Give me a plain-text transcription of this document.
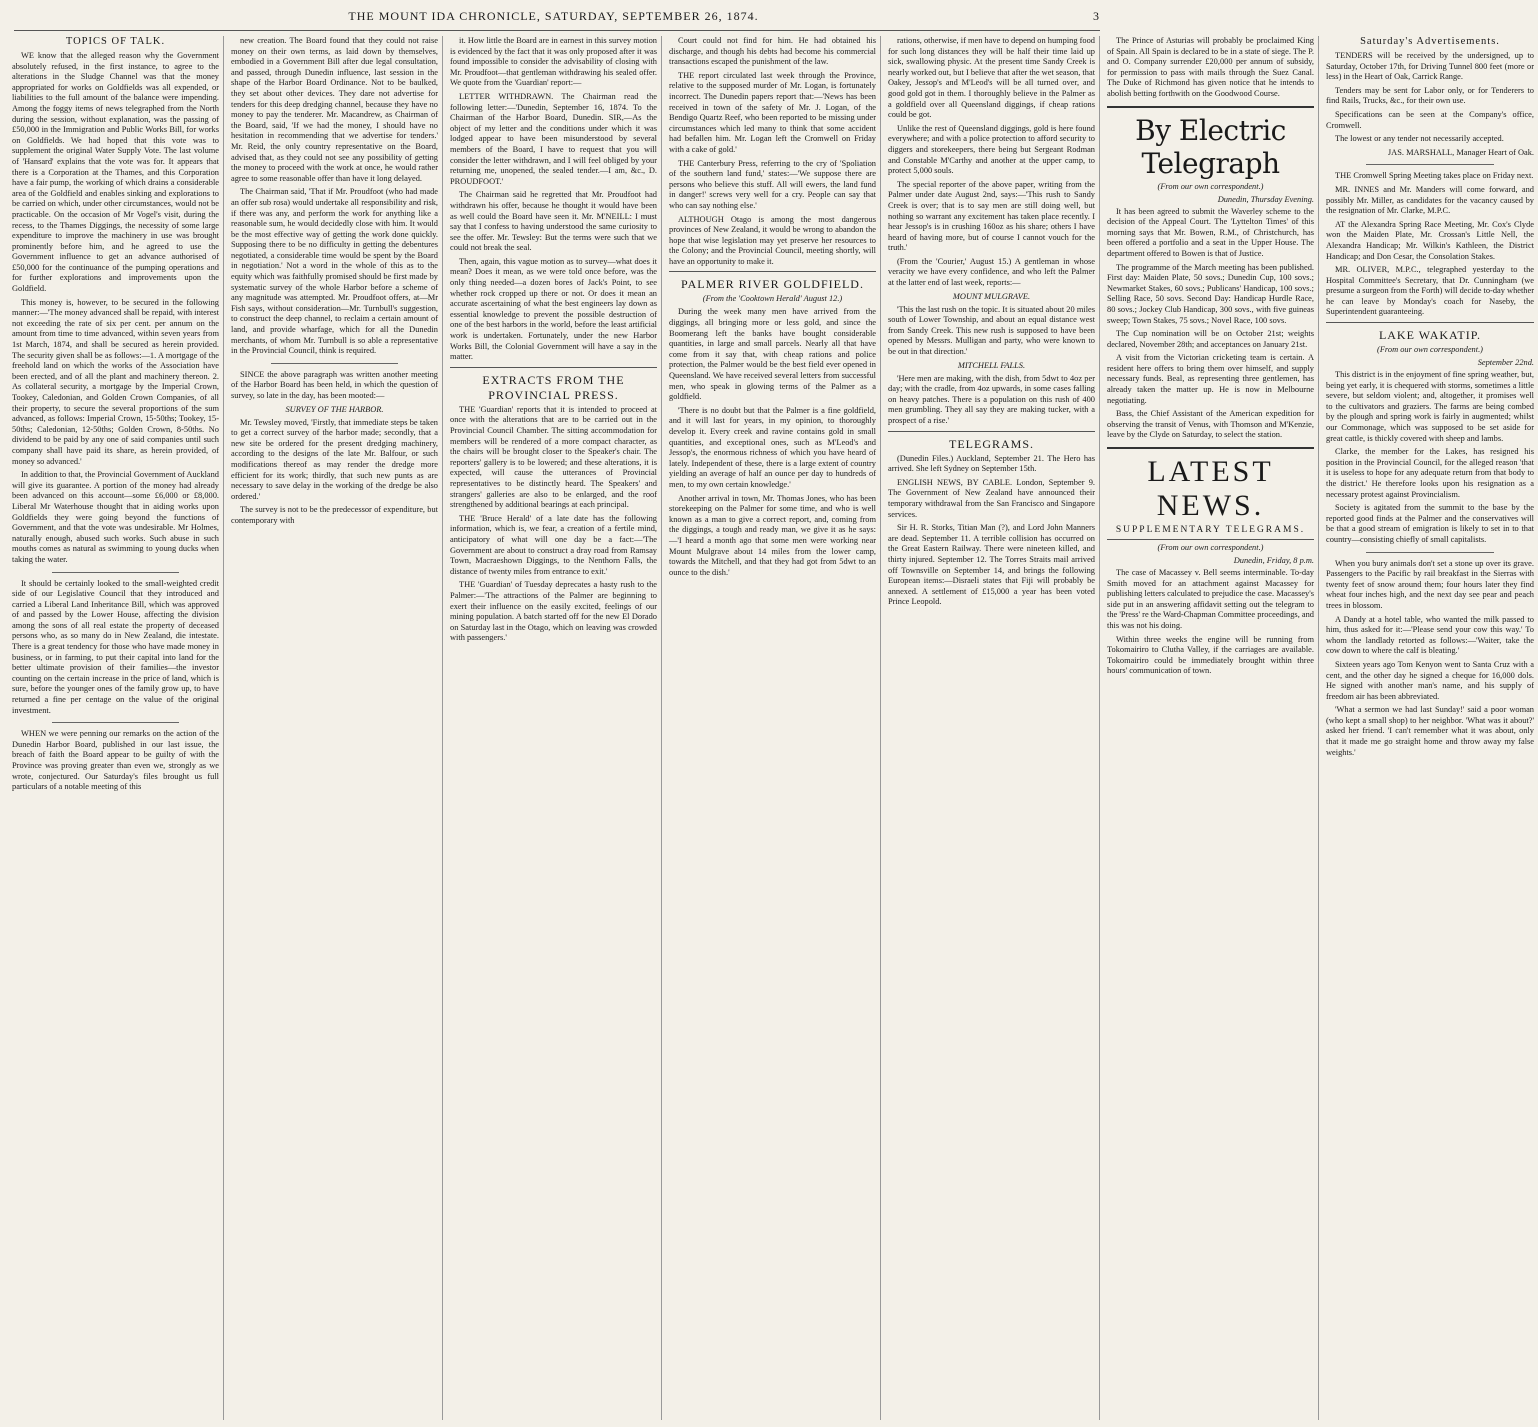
THE MOUNT IDA CHRONICLE, SATURDAY, SEPTEMBER 26, 1874.	3
TOPICS OF TALK.

WE know that the alleged reason why the Government absolutely refused, in the first instance, to agree to the alterations in the Sludge Channel was that the money appropriated for works on Goldfields was all expended, or liabilities to the full amount of the balance were impending. Among the foggy items of news telegraphed from the North during the session, without explanation, was the passing of £50,000 in the Immigration and Public Works Bill, for works on Goldfields. We had hoped that this vote was to supplement the original Water Supply Vote. The last volume of 'Hansard' explains that the vote was for. It appears that there is a Corporation at the Thames, and this Corporation have a fair pump, the working of which drains a considerable area of the Goldfield and enables sinking and explorations to be carried on which, under other circumstances, would not be practicable. On the occasion of Mr Vogel's visit, during the recess, to the Thames Diggings, the necessity of some large expenditure to improve the machinery in use was brought prominently before him, and he agreed to use the Government influence to get an advance authorised of £50,000 for the continuance of the pumping operations and for further explorations and improvements upon the Goldfield.

This money is, however, to be secured in the following manner:—'The money advanced shall be repaid, with interest not exceeding the rate of six per cent. per annum on the amount from time to time advanced, within seven years from 1st March, 1874, and shall be secured as herein provided. The security given shall be as follows:—1. A mortgage of the freehold land on which the works of the Association have been erected, and of all the plant and machinery thereon. 2. As collateral security, a mortgage by the Imperial Crown, Tookey, Caledonian, and Golden Crown Companies, of all their property, to secure the several proportions of the sum advanced, as follows: Imperial Crown, 15-50ths; Tookey, 15-50ths; Caledonian, 12-50ths; Golden Crown, 8-50ths. No dividend to be paid by any one of said companies until such company shall have paid its share, as herein provided, of money so advanced.'

In addition to that, the Provincial Government of Auckland will give its guarantee. A portion of the money had already been advanced on this account—some £6,000 or £8,000. Liberal Mr Waterhouse thought that in aiding works upon Goldfields they were going beyond the functions of Government, and that the vote was undesirable. Mr Holmes, naturally enough, abused such works. Such abuse in such mouths comes as natural as swimming to young ducks when taking the water.

It should be certainly looked to the small-weighted credit side of our Legislative Council that they introduced and carried a Liberal Land Inheritance Bill, which was approved of and passed by the Lower House, affecting the division among the sons of all real estate the property of deceased persons who, as so many do in New Zealand, die intestate. There is a great tendency for those who have made money in business, or in farming, to put their capital into land for the better ultimate provision of their families—the investor counting on the certain increase in the price of land, which is sure, before the younger ones of the family grow up, to have returned a fine per centage on the value of the original investment.

WHEN we were penning our remarks on the action of the Dunedin Harbor Board, published in our last issue, the breach of faith the Board appear to be guilty of with the Province was proving greater than even we, strongly as we wrote, conjectured. Our Saturday's files brought us full particulars of a notable meeting of this

new creation. The Board found that they could not raise money on their own terms, as laid down by themselves, embodied in a Government Bill after due legal consultation, and passed, through Dunedin influence, last session in the shape of the Harbor Board Ordinance. Not to be baulked, they set about other devices. They dare not advertise for tenders for this deep dredging channel, because they have no money to pay the tenderer. Mr. Macandrew, as Chairman of the Board, said, 'If we had the money, I should have no hesitation in recommending that we advertise for tenders.' Mr. Reid, the only country representative on the Board, advised that, as they could not see any possibility of getting the money to proceed with the work at once, he would rather agree to some reasonable offer than have it long delayed.

The Chairman said, 'That if Mr. Proudfoot (who had made an offer sub rosa) would undertake all responsibility and risk, if there was any, and perform the work for anything like a reasonable sum, he would decidedly close with him. It would be the most effective way of getting the work done quickly. Supposing there to be no difficulty in getting the debentures negotiated, a considerable time would be spent by the Board in negotiation.' Not a word in the whole of this as to the equity which was faithfully promised should be first made by systematic survey of the whole Harbor before a scheme of any magnitude was attempted. Mr. Proudfoot offers, at—Mr Fish says, without consideration—Mr. Turnbull's suggestion, to construct the deep channel, to reclaim a certain amount of land, and provide wharfage, which for all the Dunedin merchants, of whom Mr. Turnbull is so able a representative in the Provincial Council, think is required.

SINCE the above paragraph was written another meeting of the Harbor Board has been held, in which the question of survey, so late in the day, has been mooted:—

SURVEY OF THE HARBOR.

Mr. Tewsley moved, 'Firstly, that immediate steps be taken to get a correct survey of the harbor made; secondly, that a new site be ordered for the present dredging machinery, according to the designs of the late Mr. Balfour, or such modifications thereof as may render the dredge more efficient for its work; thirdly, that such new punts as are necessary to save delay in the working of the dredge be also ordered.'

The survey is not to be the predecessor of expenditure, but contemporary with

it. How little the Board are in earnest in this survey motion is evidenced by the fact that it was only proposed after it was found impossible to consider the advisability of closing with Mr. Proudfoot—that gentleman withdrawing his sealed offer. We quote from the 'Guardian' report:—

LETTER WITHDRAWN. The Chairman read the following letter:—'Dunedin, September 16, 1874. To the Chairman of the Harbor Board, Dunedin. SIR,—As the object of my letter and the conditions under which it was lodged appear to have been misunderstood by several members of the Board, I have to request that you will consider the letter withdrawn, and I will feel obliged by your returning me, unopened, the sealed tender.—I am, &c., D. PROUDFOOT.'

The Chairman said he regretted that Mr. Proudfoot had withdrawn his offer, because he thought it would have been as well could the Board have seen it. Mr. M'NEILL: I must say that I confess to having understood the same curiosity to see the offer. Mr. Tewsley: But the terms were such that we could not break the seal.

Then, again, this vague motion as to survey—what does it mean? Does it mean, as we were told once before, was the only thing needed—a dozen bores of Jack's Point, to see whether rock cropped up there or not. Or does it mean an accurate ascertaining of what the best engineers lay down as essential knowledge to prevent the possible destruction of one of the best harbors in the world, before the least artificial work is undertaken. Fortunately, under the new Harbor Works Bill, the Colonial Government will have a say in the matter.

EXTRACTS FROM THE PROVINCIAL PRESS.

THE 'Guardian' reports that it is intended to proceed at once with the alterations that are to be carried out in the Provincial Council Chamber. The sitting accommodation for members will be rendered of a more compact character, as the chairs will be brought closer to the Speaker's chair. The reporters' gallery is to be lowered; and these alterations, it is expected, will cause the utterances of Provincial representatives to be distinctly heard. The Speakers' and strangers' galleries are also to be enlarged, and the roof strengthened by additional bearings at each principal.

THE 'Bruce Herald' of a late date has the following information, which is, we fear, a creation of a fertile mind, anticipatory of what will one day be a fact:—'The Government are about to construct a dray road from Ramsay Town, Macraeshown Diggings, to the Nenthorn Falls, the distance of twenty miles from entrance to exit.'

THE 'Guardian' of Tuesday deprecates a hasty rush to the Palmer:—'The attractions of the Palmer are beginning to exert their influence on the easily excited, feelings of our mining population. A batch started off for the new El Dorado on Saturday last in the Otago, which on leaving was crowded with passengers.'

Court could not find for him. He had obtained his discharge, and though his debts had become his commercial transactions escaped the punishment of the law.

THE report circulated last week through the Province, relative to the supposed murder of Mr. Logan, is fortunately incorrect. The Dunedin papers report that:—'News has been received in town of the safety of Mr. J. Logan, of the Bendigo Quartz Reef, who been reported to be missing under circumstances which led many to think that some accident had befallen him. Mr. Logan left the Cromwell on Friday with a cake of gold.'

THE Canterbury Press, referring to the cry of 'Spoliation of the southern land fund,' states:—'We suppose there are persons who believe this stuff. All will ewers, the land fund in danger!' screws very well for a cry. People can say that who can say nothing else.'

ALTHOUGH Otago is among the most dangerous provinces of New Zealand, it would be wrong to abandon the hope that wise legislation may yet preserve her resources to the Colony; and the Provincial Council, meeting shortly, will have an opportunity to make it.

PALMER RIVER GOLDFIELD.
(From the 'Cooktown Herald' August 12.)

During the week many men have arrived from the diggings, all bringing more or less gold, and since the Boomerang left the banks have bought considerable quantities, in large and small parcels. Nearly all that have come from it say that, with cheap rations and police protection, the Palmer would be the best field ever opened in Queensland. We have received several letters from successful men, who speak in glowing terms of the Palmer as a goldfield.

'There is no doubt but that the Palmer is a fine goldfield, and it will last for years, in my opinion, to thoroughly develop it. Every creek and ravine contains gold in small quantities, and exceptional ones, such as M'Leod's and Jessop's, the enormous richness of which you have heard of lately. Independent of these, there is a large extent of country yielding an average of half an ounce per day to hundreds of men, to my own certain knowledge.'

Another arrival in town, Mr. Thomas Jones, who has been storekeeping on the Palmer for some time, and who is well known as a man to give a correct report, and, coming from the diggings, a tough and ready man, we give it as he says:—'I heard a month ago that some men were working near Mount Mulgrave about 14 miles from the lower camp, towards the Mitchell, and that they had got from 5dwt to an ounce to the dish.'

rations, otherwise, if men have to depend on humping food for such long distances they will be half their time laid up sick, swallowing physic. At the present time Sandy Creek is nearly worked out, but I believe that after the wet season, that Oakey, Jessop's and M'Leod's will be all turned over, and good gold got in them. I thoroughly believe in the Palmer as a goldfield over all Queensland diggings, if cheap rations could be got.

Unlike the rest of Queensland diggings, gold is here found everywhere; and with a police protection to afford security to diggers and storekeepers, there being but Sergeant Rodman and Constable M'Carthy and another at the upper camp, to protect 5,000 souls.

The special reporter of the above paper, writing from the Palmer under date August 2nd, says:—'This rush to Sandy Creek is over; that is to say men are still doing well, but nothing so warrant any excitement has taken place recently. I hear Jessop's is in crushing 160oz as his share; others I have heard of having more, but of course I cannot vouch for the truth.'

(From the 'Courier,' August 15.) A gentleman in whose veracity we have every confidence, and who left the Palmer at the latter end of last week, reports:—

MOUNT MULGRAVE.

'This the last rush on the topic. It is situated about 20 miles south of Lower Township, and about an equal distance west from Sandy Creek. This new rush is supposed to have been opened by Messrs. Mulligan and party, who were known to be out in that direction.'

MITCHELL FALLS.

'Here men are making, with the dish, from 5dwt to 4oz per day; with the cradle, from 4oz upwards, in some cases falling on heavy patches. There is a population on this rush of 400 men grumbling. They all say they are making tucker, with a prospect of a rise.'

TELEGRAMS.

(Dunedin Files.) Auckland, September 21. The Hero has arrived. She left Sydney on September 15th.

ENGLISH NEWS, BY CABLE. London, September 9. The Government of New Zealand have announced their temporary withdrawal from the San Francisco and Singapore services.

Sir H. R. Storks, Titian Man (?), and Lord John Manners are dead. September 11. A terrible collision has occurred on the Great Eastern Railway. There were nineteen killed, and thirty injured. September 12. The Torres Straits mail arrived off Townsville on September 14, and brings the following European items:—Disraeli states that Fiji will probably be annexed. A settlement of £15,000 a year has been voted Prince Leopold.

The Prince of Asturias will probably be proclaimed King of Spain. All Spain is declared to be in a state of siege. The P. and O. Company surrender £20,000 per annum of subsidy, for permission to pass with mails through the Suez Canal. The Duke of Richmond has given notice that he intends to abolish betting forthwith on the Goodwood Course.

By Electric Telegraph
(From our own correspondent.)
Dunedin, Thursday Evening.

It has been agreed to submit the Waverley scheme to the decision of the Appeal Court. The 'Lyttelton Times' of this morning says that Mr. Bowen, R.M., of Christchurch, has been offered a portfolio and a seat in the Upper House. The department offered to Bowen is that of Justice.

The programme of the March meeting has been published. First day: Maiden Plate, 50 sovs.; Dunedin Cup, 100 sovs.; Newmarket Stakes, 60 sovs.; Publicans' Handicap, 100 sovs.; Selling Race, 50 sovs. Second Day: Handicap Hurdle Race, 80 sovs.; Jockey Club Handicap, 300 sovs., with five guineas sweep; Town Stakes, 75 sovs.; Novel Race, 100 sovs.

The Cup nomination will be on October 21st; weights declared, November 28th; and acceptances on January 21st.

A visit from the Victorian cricketing team is certain. A resident here offers to bring them over himself, and supply necessary funds. Beal, as representing three gentlemen, has already taken the matter up. He is now in Melbourne negotiating.

Bass, the Chief Assistant of the American expedition for observing the transit of Venus, with Thomson and M'Kenzie, leave by the Clyde on Saturday, to select the station.

LATEST NEWS.
SUPPLEMENTARY TELEGRAMS.
(From our own correspondent.)
Dunedin, Friday, 8 p.m.

The case of Macassey v. Bell seems interminable. To-day Smith moved for an attachment against Macassey for publishing letters calculated to prejudice the case. Macassey's side put in an answering affidavit setting out the telegram to the 'Press' re the Ward-Chapman Committee proceedings, and this was not his doing.

Within three weeks the engine will be running from Tokomairiro to Clutha Valley, if the carriages are available. Tokomairiro could be immediately brought within three hours' communication of town.

Saturday's Advertisements.

TENDERS will be received by the undersigned, up to Saturday, October 17th, for Driving Tunnel 800 feet (more or less) in the Heart of Oak, Carrick Range.

Tenders may be sent for Labor only, or for Tenderers to find Rails, Trucks, &c., for their own use.

Specifications can be seen at the Company's office, Cromwell.

The lowest or any tender not necessarily accepted.

JAS. MARSHALL, Manager Heart of Oak.

THE Cromwell Spring Meeting takes place on Friday next.

MR. INNES and Mr. Manders will come forward, and possibly Mr. Miller, as candidates for the vacancy caused by the resignation of Mr. Clarke, M.P.C.

AT the Alexandra Spring Race Meeting, Mr. Cox's Clyde won the Maiden Plate, Mr. Crossan's Little Nell, the Alexandra Handicap; Mr. Wilkin's Kathleen, the District Handicap; and Don Cesar, the Consolation Stakes.

MR. OLIVER, M.P.C., telegraphed yesterday to the Hospital Committee's Secretary, that Dr. Cunningham (we presume a surgeon from the Forth) will decide to-day whether he can leave by Monday's coach for Naseby, the Superintendent guaranteeing.

LAKE WAKATIP.
(From our own correspondent.)
September 22nd.

This district is in the enjoyment of fine spring weather, but, being yet early, it is chequered with storms, sometimes a little severe, but seldom violent; and, altogether, it promises well to the cultivators and graziers. The farms are being combed by the plough and spring work is fairly in augmented; whilst our Commonage, which was supposed to be set aside for great cattle, is thickly covered with sheep and lambs.

Clarke, the member for the Lakes, has resigned his position in the Provincial Council, for the alleged reason 'that it is useless to hope for any adequate return from that body to the district.' He therefore looks upon his resignation as a necessary protest against Provincialism.

Society is agitated from the summit to the base by the reported good finds at the Palmer and the conservatives will be that a good stream of emigration is likely to set in to that country—consisting chiefly of small capitalists.

When you bury animals don't set a stone up over its grave. Passengers to the Pacific by rail breakfast in the Sierras with twenty feet of snow around them; four hours later they find wheat four inches high, and the next day see pear and peach trees in blossom.

A Dandy at a hotel table, who wanted the milk passed to him, thus asked for it:—'Please send your cow this way.' To whom the landlady retorted as follows:—'Waiter, take the cow down to where the calf is bleating.'

Sixteen years ago Tom Kenyon went to Santa Cruz with a cent, and the other day he signed a cheque for 16,000 dols. He signed with another man's name, and his supply of freedom air has been abbreviated.

'What a sermon we had last Sunday!' said a poor woman (who kept a small shop) to her neighbor. 'What was it about?' asked her friend. 'I can't remember what it was about, only that it made me go straight home and throw away my false weights.'
